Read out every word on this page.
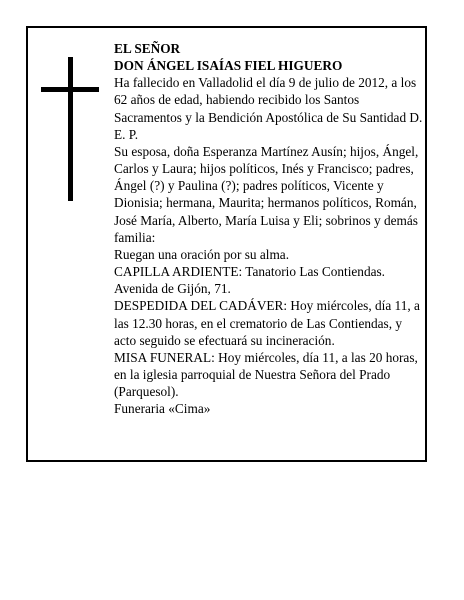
EL SEÑOR

DON ÁNGEL ISAÍAS FIEL HIGUERO

Ha fallecido en Valladolid el día 9 de julio de 2012, a los 62 años de edad, habiendo recibido los Santos Sacramentos y la Bendición Apostólica de Su Santidad D. E. P.

Su esposa, doña Esperanza Martínez Ausín; hijos, Ángel, Carlos y Laura; hijos políticos, Inés y Francisco; padres, Ángel (?) y Paulina (?); padres políticos, Vicente y Dionisia; hermana, Maurita; hermanos políticos, Román, José María, Alberto, María Luisa y Eli; sobrinos y demás familia:

Ruegan una oración por su alma.

CAPILLA ARDIENTE: Tanatorio Las Contiendas. Avenida de Gijón, 71.

DESPEDIDA DEL CADÁVER: Hoy miércoles, día 11, a las 12.30 horas, en el crematorio de Las Contiendas, y acto seguido se efectuará su incineración.

MISA FUNERAL: Hoy miércoles, día 11, a las 20 horas, en la iglesia parroquial de Nuestra Señora del Prado (Parquesol).

Funeraria «Cima»
